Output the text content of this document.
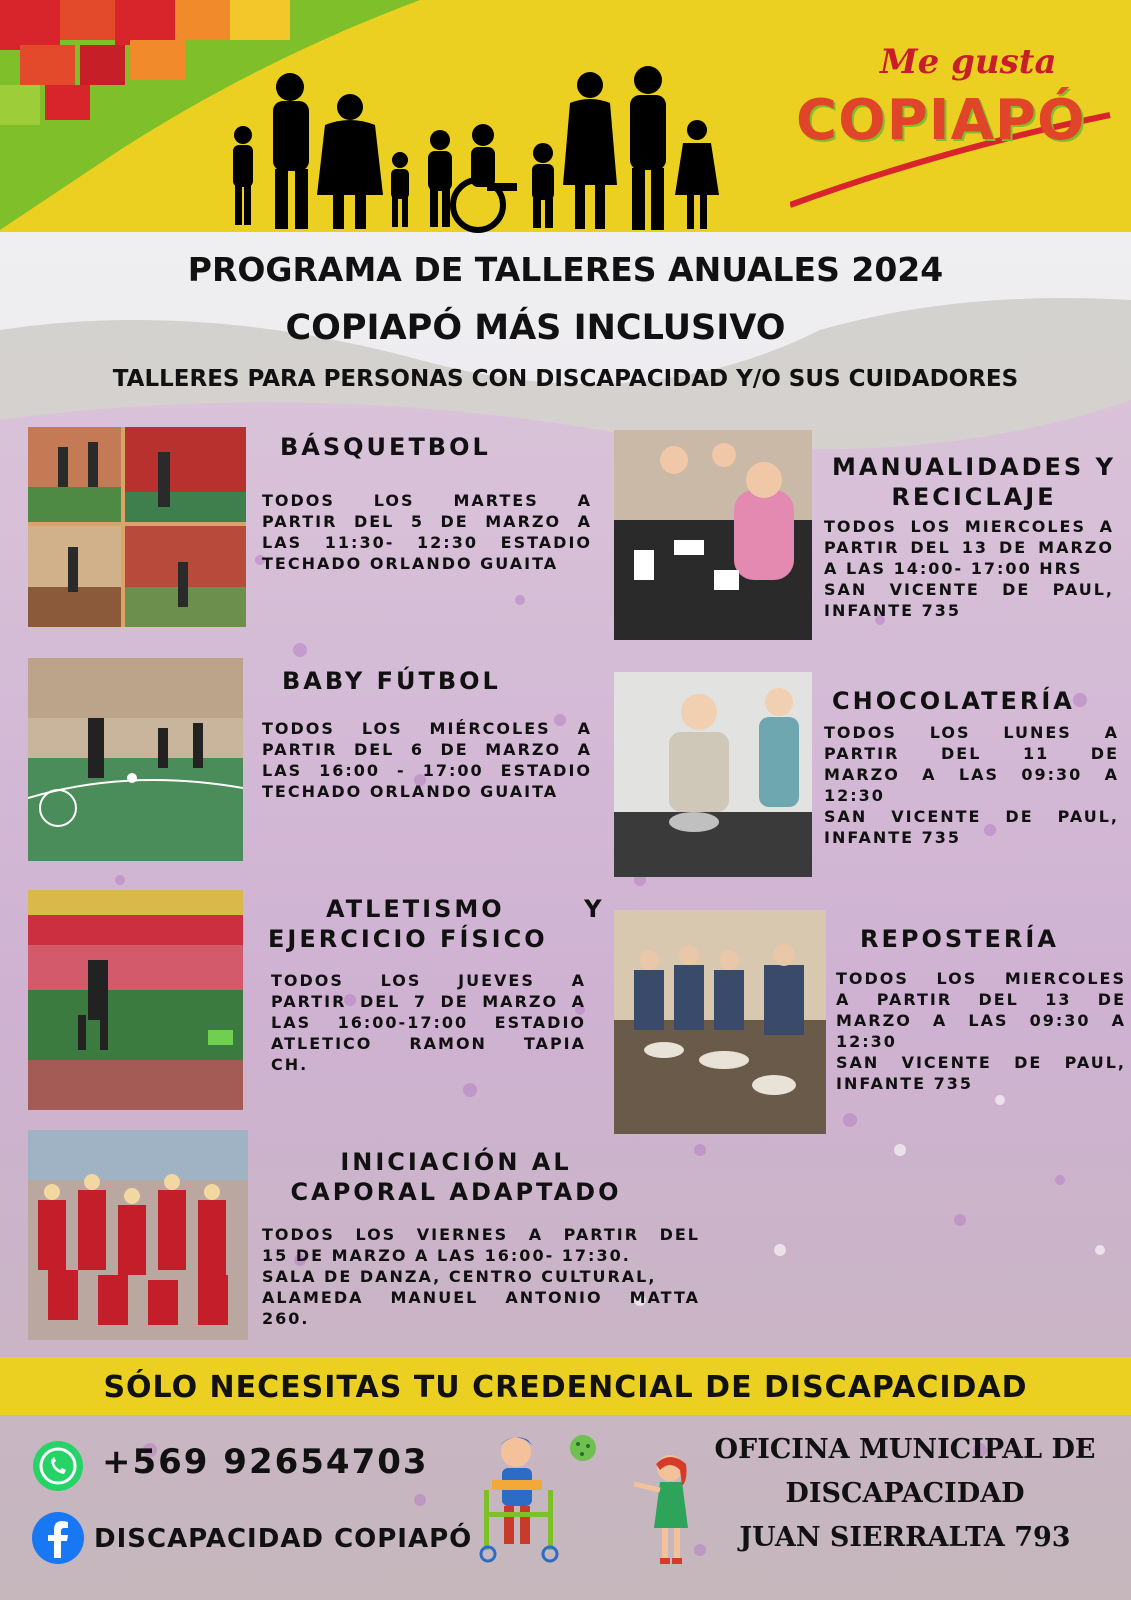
Me gusta
COPIAPÓ
PROGRAMA DE TALLERES ANUALES 2024
COPIAPÓ MÁS INCLUSIVO
TALLERES PARA PERSONAS CON DISCAPACIDAD Y/O SUS CUIDADORES
BÁSQUETBOL
TODOS LOS MARTES A
PARTIR DEL 5 DE MARZO A
LAS 11:30- 12:30 ESTADIO
TECHADO ORLANDO GUAITA
BABY FÚTBOL
TODOS LOS MIÉRCOLES A
PARTIR DEL 6 DE MARZO A
LAS 16:00 - 17:00 ESTADIO
TECHADO ORLANDO GUAITA
ATLETISMO       Y
EJERCICIO FÍSICO
TODOS LOS JUEVES A
PARTIR DEL 7 DE MARZO A
LAS 16:00-17:00 ESTADIO
ATLETICO RAMON TAPIA
CH.
INICIACIÓN AL
CAPORAL ADAPTADO
TODOS LOS VIERNES A PARTIR DEL
15 DE MARZO A LAS 16:00- 17:30.
SALA DE DANZA, CENTRO CULTURAL,
ALAMEDA MANUEL ANTONIO MATTA
260.
MANUALIDADES Y
RECICLAJE
TODOS LOS MIERCOLES A
PARTIR DEL 13 DE MARZO
A LAS 14:00- 17:00 HRS
SAN VICENTE DE PAUL,
INFANTE 735
CHOCOLATERÍA
TODOS LOS LUNES A
PARTIR DEL 11 DE
MARZO A LAS 09:30 A
12:30
SAN VICENTE DE PAUL,
INFANTE 735
REPOSTERÍA
TODOS LOS MIERCOLES
A PARTIR DEL 13 DE
MARZO A LAS 09:30 A
12:30
SAN VICENTE DE PAUL,
INFANTE 735
SÓLO NECESITAS TU CREDENCIAL DE DISCAPACIDAD
+569 92654703
DISCAPACIDAD COPIAPÓ
OFICINA MUNICIPAL DE
DISCAPACIDAD
JUAN SIERRALTA 793
